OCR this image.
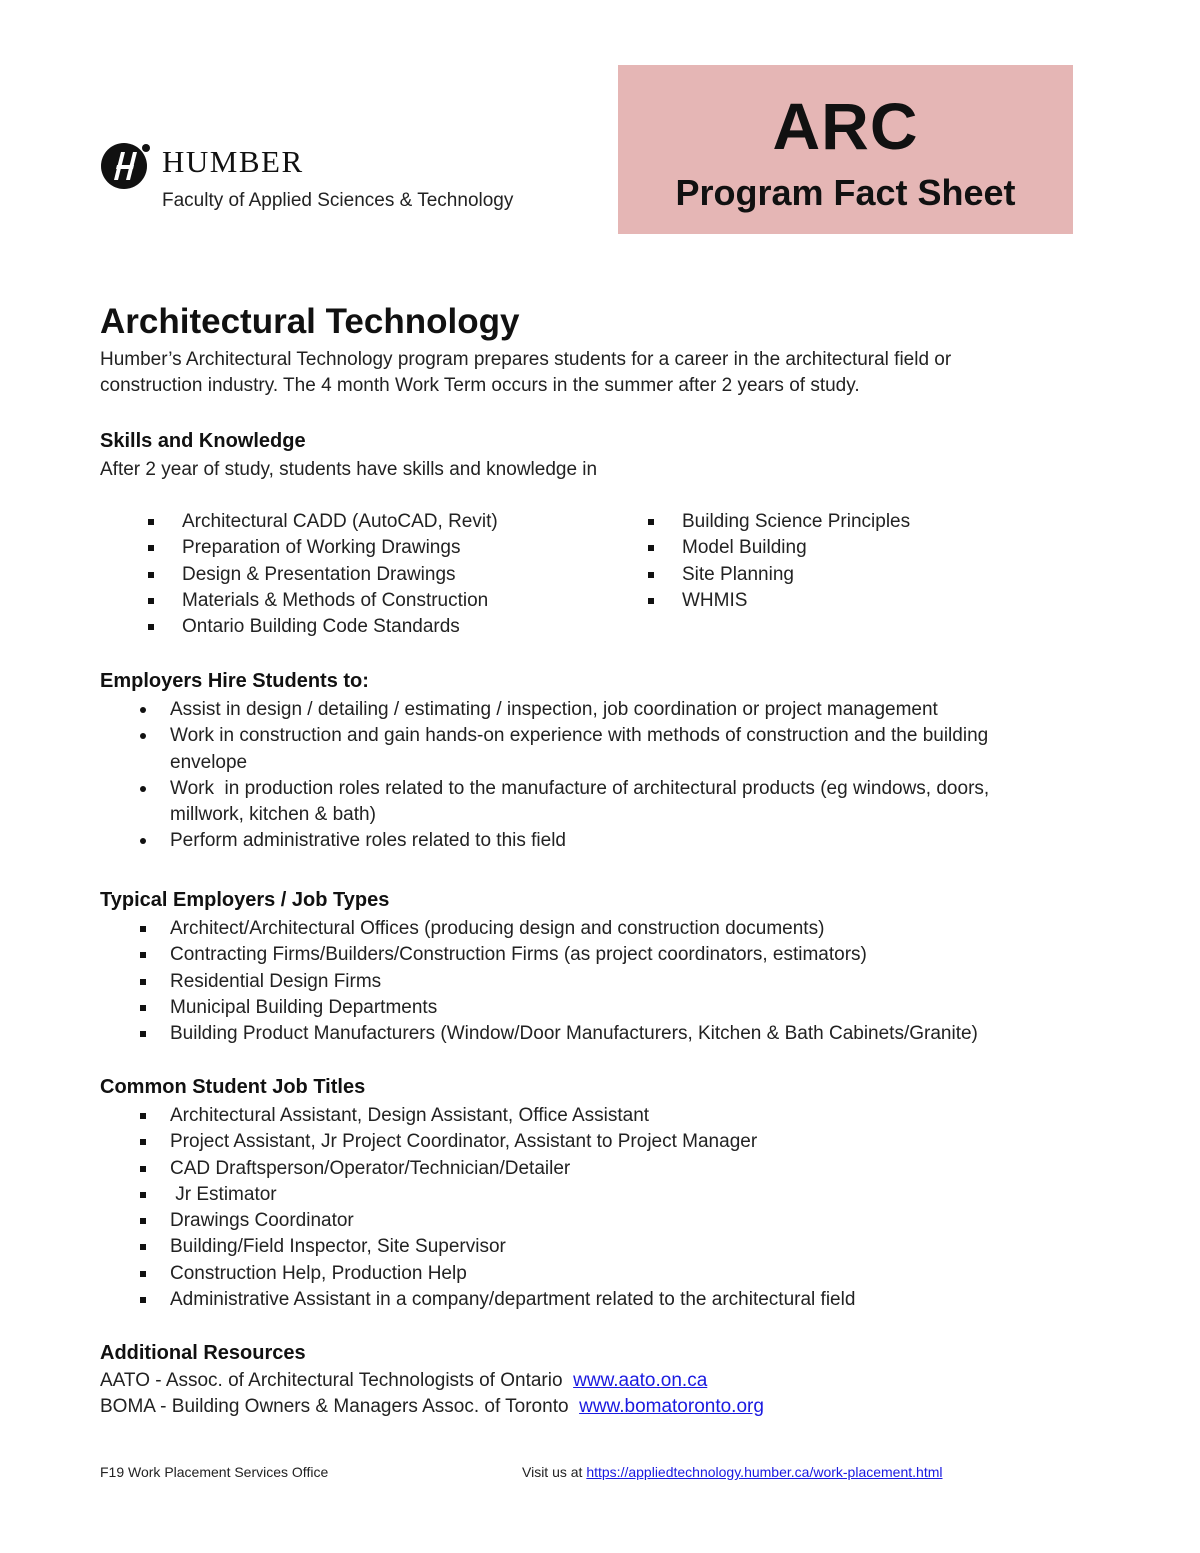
HUMBER
Faculty of Applied Sciences & Technology
ARC
Program Fact Sheet
Architectural Technology
Humber’s Architectural Technology program prepares students for a career in the architectural field or
construction industry. The 4 month Work Term occurs in the summer after 2 years of study.
Skills and Knowledge
After 2 year of study, students have skills and knowledge in
Architectural CADD (AutoCAD, Revit)
Preparation of Working Drawings
Design & Presentation Drawings
Materials & Methods of Construction
Ontario Building Code Standards
Building Science Principles
Model Building
Site Planning
WHMIS
Employers Hire Students to:
Assist in design / detailing / estimating / inspection, job coordination or project management
Work in construction and gain hands-on experience with methods of construction and the building
envelope
Work  in production roles related to the manufacture of architectural products (eg windows, doors,
millwork, kitchen & bath)
Perform administrative roles related to this field
Typical Employers / Job Types
Architect/Architectural Offices (producing design and construction documents)
Contracting Firms/Builders/Construction Firms (as project coordinators, estimators)
Residential Design Firms
Municipal Building Departments
Building Product Manufacturers (Window/Door Manufacturers, Kitchen & Bath Cabinets/Granite)
Common Student Job Titles
Architectural Assistant, Design Assistant, Office Assistant
Project Assistant, Jr Project Coordinator, Assistant to Project Manager
CAD Draftsperson/Operator/Technician/Detailer
Jr Estimator
Drawings Coordinator
Building/Field Inspector, Site Supervisor
Construction Help, Production Help
Administrative Assistant in a company/department related to the architectural field
Additional Resources
AATO - Assoc. of Architectural Technologists of Ontario www.aato.on.ca
BOMA - Building Owners & Managers Assoc. of Toronto www.bomatoronto.org
F19 Work Placement Services Office	Visit us at https://appliedtechnology.humber.ca/work-placement.html
